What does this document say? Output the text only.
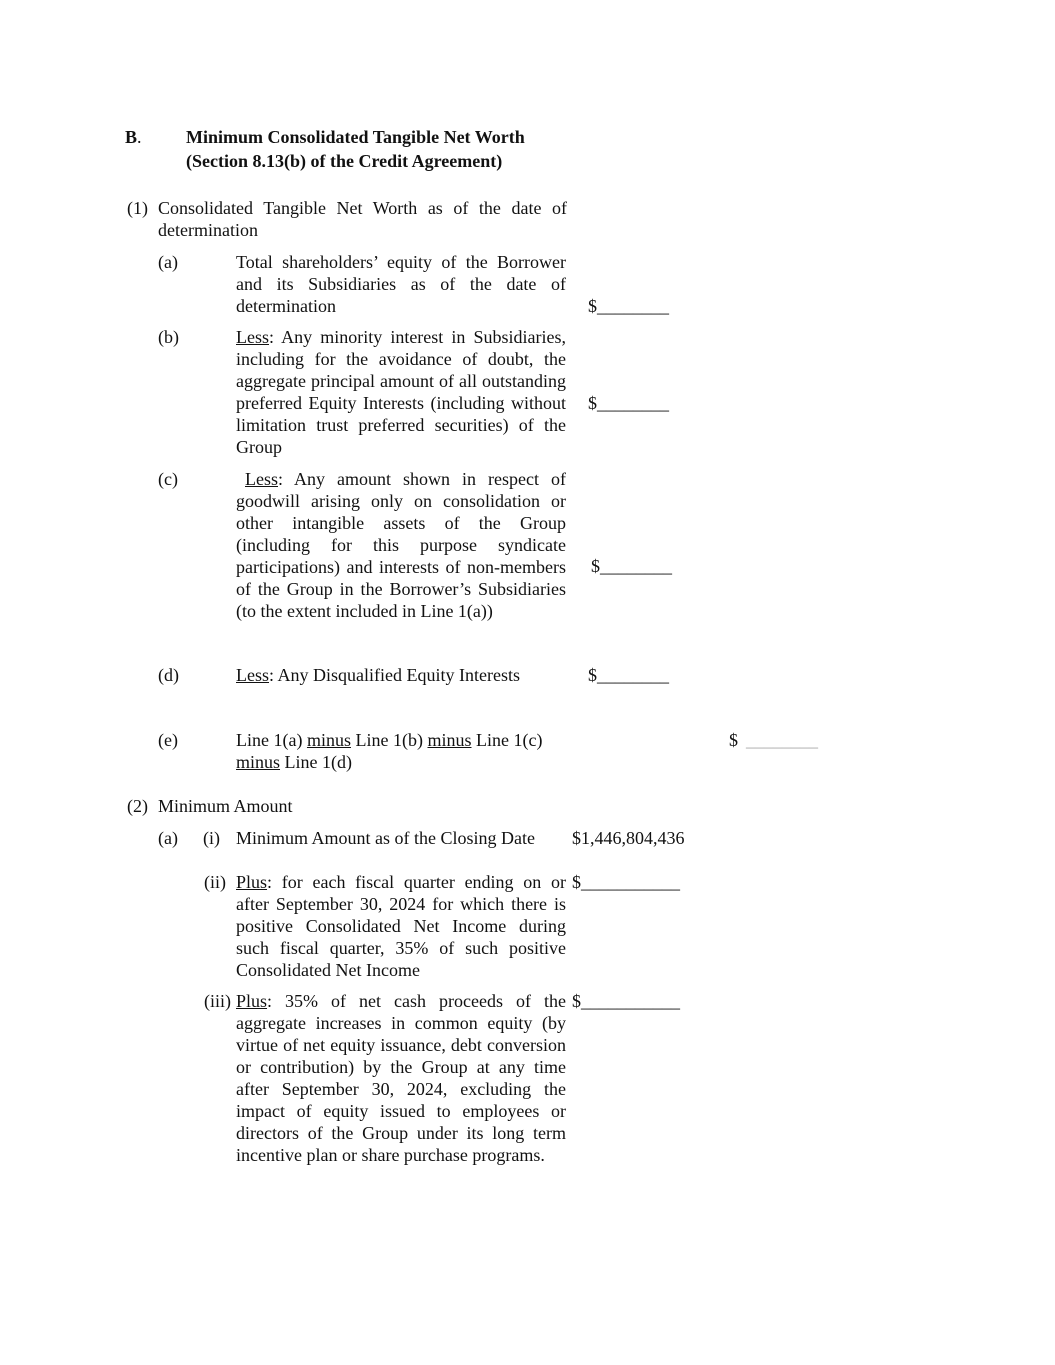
B. Minimum Consolidated Tangible Net Worth
(Section 8.13(b) of the Credit Agreement)
(1) Consolidated Tangible Net Worth as of the date of determination
(a)	Total shareholders’ equity of the Borrower and its Subsidiaries as of the date of determination	$________
(b)	Less: Any minority interest in Subsidiaries, including for the avoidance of doubt, the aggregate principal amount of all outstanding preferred Equity Interests (including without limitation trust preferred securities) of the Group
$________
(c)	Less: Any amount shown in respect of goodwill arising only on consolidation or other intangible assets of the Group (including for this purpose syndicate participations) and interests of non-members of the Group in the Borrower’s Subsidiaries (to the extent included in Line 1(a))
$________
(d)	Less: Any Disqualified Equity Interests	$________
(e)	Line 1(a) minus Line 1(b) minus Line 1(c)
minus Line 1(d)
$ ________
(2) Minimum Amount
(a) (i) Minimum Amount as of the Closing Date $1,446,804,436
(ii) Plus: for each fiscal quarter ending on or after September 30, 2024 for which there is positive Consolidated Net Income during such fiscal quarter, 35% of such positive Consolidated Net Income
$___________
(iii) Plus: 35% of net cash proceeds of the aggregate increases in common equity (by virtue of net equity issuance, debt conversion or contribution) by the Group at any time after September 30, 2024, excluding the impact of equity issued to employees or directors of the Group under its long term incentive plan or share purchase programs.
$___________
